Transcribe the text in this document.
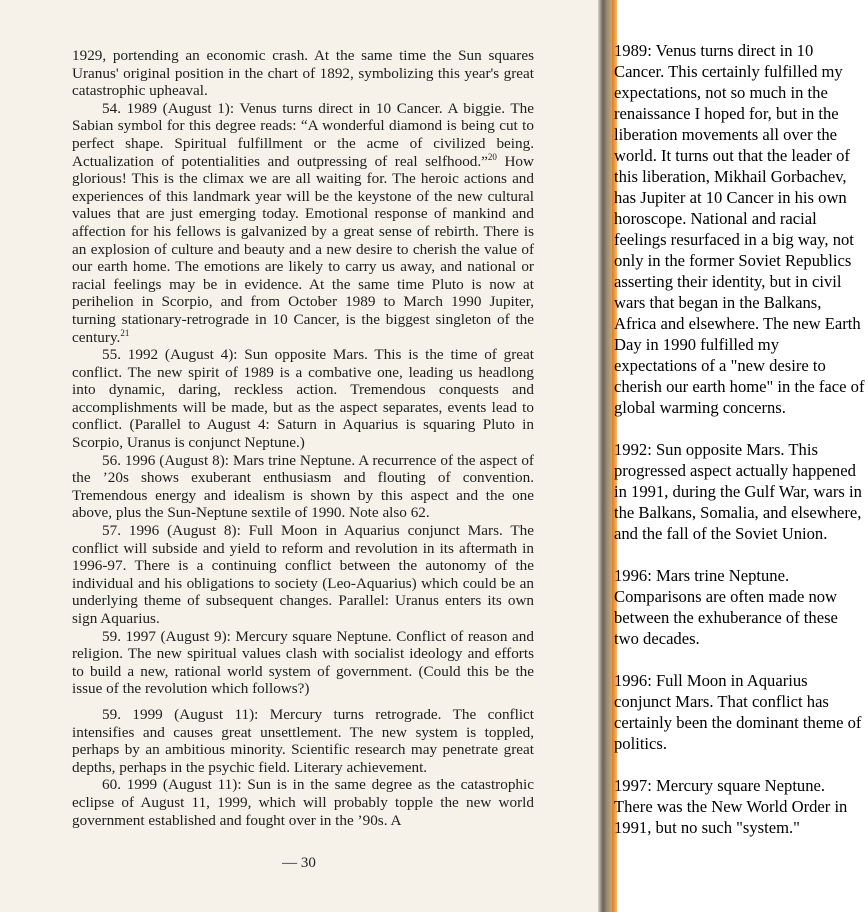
1929, portending an economic crash. At the same time the Sun squares Uranus' original position in the chart of 1892, symbolizing this year's great catastrophic upheaval.

54. 1989 (August 1): Venus turns direct in 10 Cancer. A biggie. The Sabian symbol for this degree reads: “A wonderful diamond is being cut to perfect shape. Spiritual fulfillment or the acme of civilized being. Actualization of potentialities and outpressing of real selfhood.”$^{20}$ How glorious! This is the climax we are all waiting for. The heroic actions and experiences of this landmark year will be the keystone of the new cultural values that are just emerging today. Emotional response of mankind and affection for his fellows is galvanized by a great sense of rebirth. There is an explosion of culture and beauty and a new desire to cherish the value of our earth home. The emotions are likely to carry us away, and national or racial feelings may be in evidence. At the same time Pluto is now at perihelion in Scorpio, and from October 1989 to March 1990 Jupiter, turning stationary-retrograde in 10 Cancer, is the biggest singleton of the century.$^{21}$

55. 1992 (August 4): Sun opposite Mars. This is the time of great conflict. The new spirit of 1989 is a combative one, leading us headlong into dynamic, daring, reckless action. Tremendous conquests and accomplishments will be made, but as the aspect separates, events lead to conflict. (Parallel to August 4: Saturn in Aquarius is squaring Pluto in Scorpio, Uranus is conjunct Neptune.)

56. 1996 (August 8): Mars trine Neptune. A recurrence of the aspect of the ’20s shows exuberant enthusiasm and flouting of convention. Tremendous energy and idealism is shown by this aspect and the one above, plus the Sun-Neptune sextile of 1990. Note also 62.

57. 1996 (August 8): Full Moon in Aquarius conjunct Mars. The conflict will subside and yield to reform and revolution in its aftermath in 1996-97. There is a continuing conflict between the autonomy of the individual and his obligations to society (Leo-Aquarius) which could be an underlying theme of subsequent changes. Parallel: Uranus enters its own sign Aquarius.

59. 1997 (August 9): Mercury square Neptune. Conflict of reason and religion. The new spiritual values clash with socialist ideology and efforts to build a new, rational world system of government. (Could this be the issue of the revolution which follows?)

59. 1999 (August 11): Mercury turns retrograde. The conflict intensifies and causes great unsettlement. The new system is toppled, perhaps by an ambitious minority. Scientific research may penetrate great depths, perhaps in the psychic field. Literary achievement.

60. 1999 (August 11): Sun is in the same degree as the catastrophic eclipse of August 11, 1999, which will probably topple the new world government established and fought over in the ’90s. A

— 30

1989: Venus turns direct in 10 Cancer. This certainly fulfilled my expectations, not so much in the renaissance I hoped for, but in the liberation movements all over the world. It turns out that the leader of this liberation, Mikhail Gorbachev, has Jupiter at 10 Cancer in his own horoscope. National and racial feelings resurfaced in a big way, not only in the former Soviet Republics asserting their identity, but in civil wars that began in the Balkans, Africa and elsewhere. The new Earth Day in 1990 fulfilled my expectations of a "new desire to cherish our earth home" in the face of global warming concerns.

1992: Sun opposite Mars. This progressed aspect actually happened in 1991, during the Gulf War, wars in the Balkans, Somalia, and elsewhere, and the fall of the Soviet Union.

1996: Mars trine Neptune. Comparisons are often made now between the exhuberance of these two decades.

1996: Full Moon in Aquarius conjunct Mars. That conflict has certainly been the dominant theme of politics.

1997: Mercury square Neptune. There was the New World Order in 1991, but no such "system."
